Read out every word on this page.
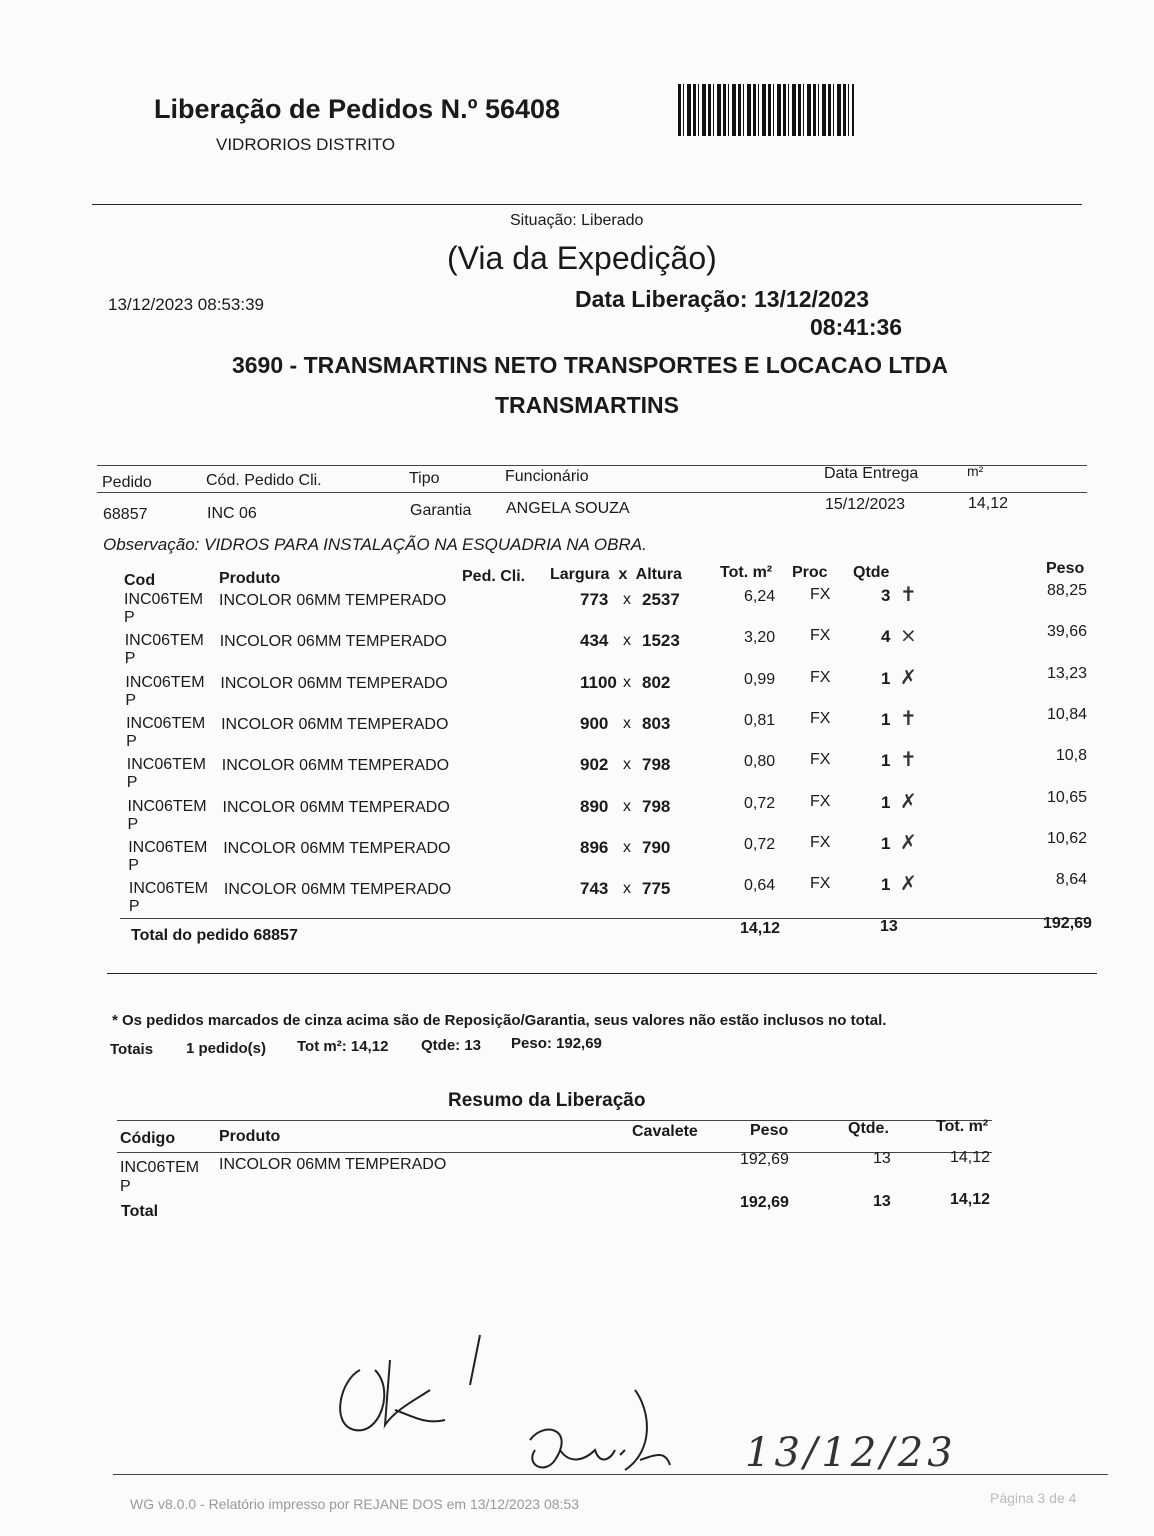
Liberação de Pedidos N.º 56408
VIDRORIOS DISTRITO
Situação: Liberado
(Via da Expedição)
13/12/2023 08:53:39	Data Liberação: 13/12/2023
08:41:36
3690 - TRANSMARTINS NETO TRANSPORTES E LOCACAO LTDA
TRANSMARTINS
Pedido	Cód. Pedido Cli.	Tipo	Funcionário	Data Entrega	m²
68857	INC 06	Garantia ANGELA SOUZA	15/12/2023	14,12
Observação: VIDROS PARA INSTALAÇÃO NA ESQUADRIA NA OBRA.
Cod	Produto	Ped. Cli. Largura  x  Altura Tot. m² Proc Qtde	Peso
INC06TEM
P
INCOLOR 06MM TEMPERADO	773 x 2537	6,24 FX	3 ✝	88,25
INC06TEM
P
INCOLOR 06MM TEMPERADO	434 x 1523	3,20 FX	4 ⨯	39,66
INC06TEM
P
INCOLOR 06MM TEMPERADO	1100 x 802	0,99 FX	1 ✗	13,23
INC06TEM
P
INCOLOR 06MM TEMPERADO	900 x 803	0,81 FX	1 ✝	10,84
INC06TEM
P
INCOLOR 06MM TEMPERADO	902 x 798	0,80 FX	1 ✝	10,8
INC06TEM
P
INCOLOR 06MM TEMPERADO	890 x 798	0,72 FX	1 ✗	10,65
INC06TEM
P
INCOLOR 06MM TEMPERADO	896 x 790	0,72 FX	1 ✗	10,62
INC06TEM
P
INCOLOR 06MM TEMPERADO	743 x 775	0,64 FX	1 ✗	8,64
Total do pedido 68857	14,12	13	192,69
* Os pedidos marcados de cinza acima são de Reposição/Garantia, seus valores não estão inclusos no total.
Totais 1 pedido(s) Tot m²: 14,12 Qtde: 13 Peso: 192,69
Resumo da Liberação
Código	Produto	Cavalete	Peso	Qtde.	Tot. m²
INC06TEM
P
INCOLOR 06MM TEMPERADO	192,69	13	14,12
Total
192,69	13	14,12
13/12/23
WG v8.0.0 - Relatório impresso por REJANE DOS em 13/12/2023 08:53	Página 3 de 4
